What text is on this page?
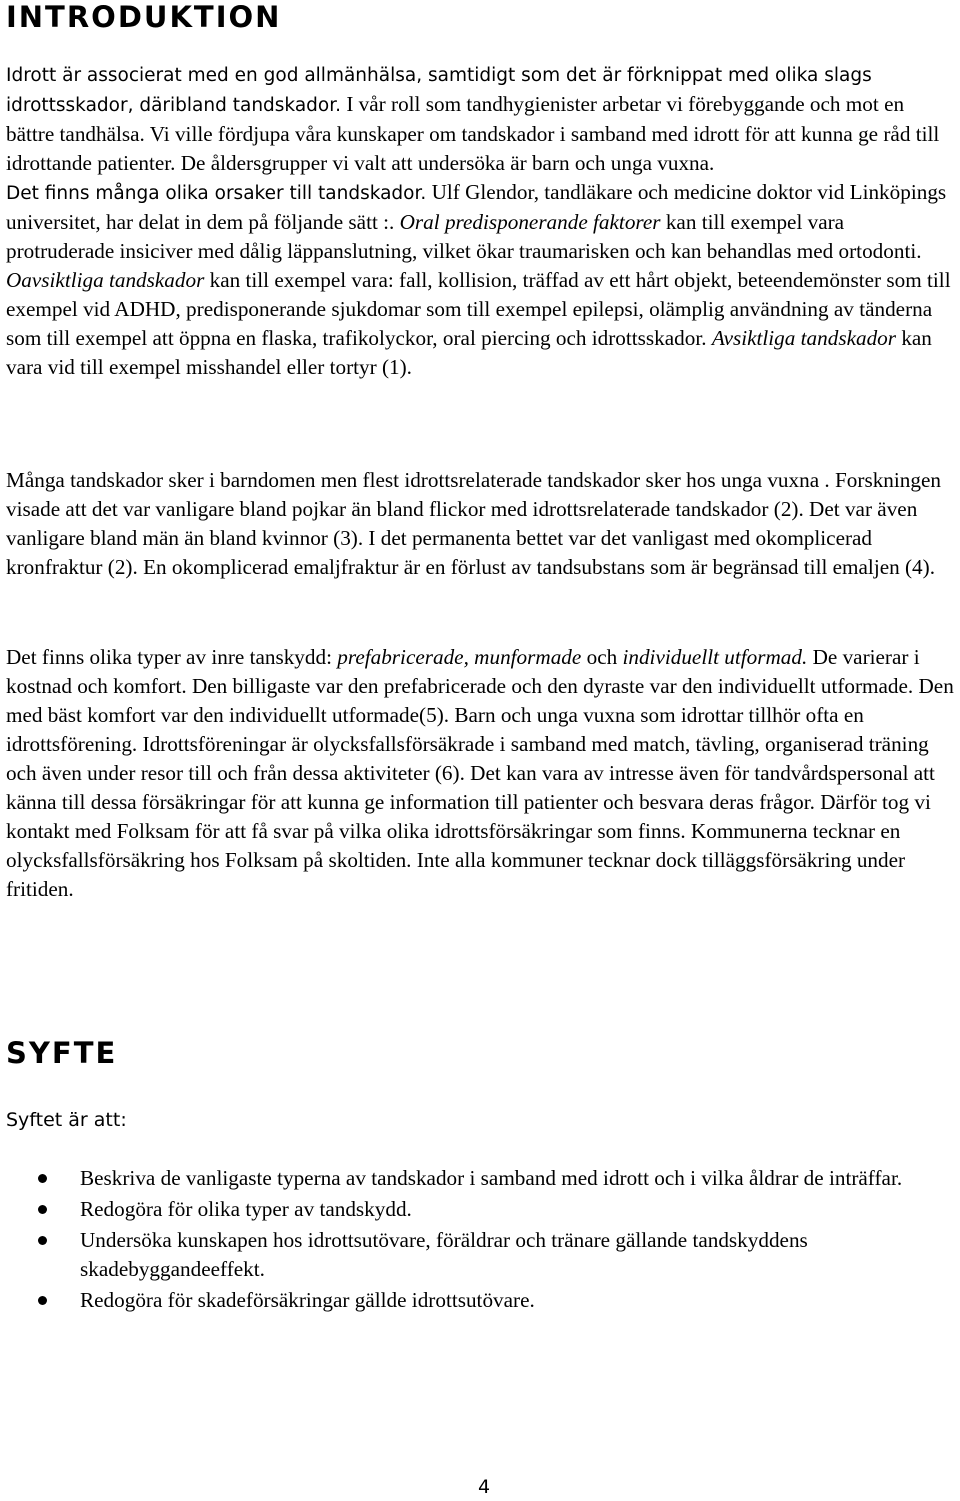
INTRODUKTION

Idrott är associerat med en god allmänhälsa, samtidigt som det är förknippat med olika slags idrottsskador, däribland tandskador. I vår roll som tandhygienister arbetar vi förebyggande och mot en bättre tandhälsa. Vi ville fördjupa våra kunskaper om tandskador i samband med idrott för att kunna ge råd till idrottande patienter. De åldersgrupper vi valt att undersöka är barn och unga vuxna.
Det finns många olika orsaker till tandskador. Ulf Glendor, tandläkare och medicine doktor vid Linköpings universitet, har delat in dem på följande sätt :. Oral predisponerande faktorer kan till exempel vara protruderade insiciver med dålig läppanslutning, vilket ökar traumarisken och kan behandlas med ortodonti. Oavsiktliga tandskador kan till exempel vara: fall, kollision, träffad av ett hårt objekt, beteendemönster som till exempel vid ADHD, predisponerande sjukdomar som till exempel epilepsi, olämplig användning av tänderna som till exempel att öppna en flaska, trafikolyckor, oral piercing och idrottsskador. Avsiktliga tandskador kan vara vid till exempel misshandel eller tortyr (1).

Många tandskador sker i barndomen men flest idrottsrelaterade tandskador sker hos unga vuxna . Forskningen visade att det var vanligare bland pojkar än bland flickor med idrottsrelaterade tandskador (2). Det var även vanligare bland män än bland kvinnor (3). I det permanenta bettet var det vanligast med okomplicerad kronfraktur (2). En okomplicerad emaljfraktur är en förlust av tandsubstans som är begränsad till emaljen (4).

Det finns olika typer av inre tanskydd: prefabricerade, munformade och individuellt utformad. De varierar i kostnad och komfort. Den billigaste var den prefabricerade och den dyraste var den individuellt utformade. Den med bäst komfort var den individuellt utformade(5). Barn och unga vuxna som idrottar tillhör ofta en idrottsförening. Idrottsföreningar är olycksfallsförsäkrade i samband med match, tävling, organiserad träning och även under resor till och från dessa aktiviteter (6). Det kan vara av intresse även för tandvårdspersonal att känna till dessa försäkringar för att kunna ge information till patienter och besvara deras frågor. Därför tog vi kontakt med Folksam för att få svar på vilka olika idrottsförsäkringar som finns. Kommunerna tecknar en olycksfallsförsäkring hos Folksam på skoltiden. Inte alla kommuner tecknar dock tilläggsförsäkring under fritiden.

SYFTE

Syftet är att:

Beskriva de vanligaste typerna av tandskador i samband med idrott och i vilka åldrar de inträffar.
Redogöra för olika typer av tandskydd.
Undersöka kunskapen hos idrottsutövare, föräldrar och tränare gällande tandskyddens skadebyggandeeffekt.
Redogöra för skadeförsäkringar gällde idrottsutövare.
4
